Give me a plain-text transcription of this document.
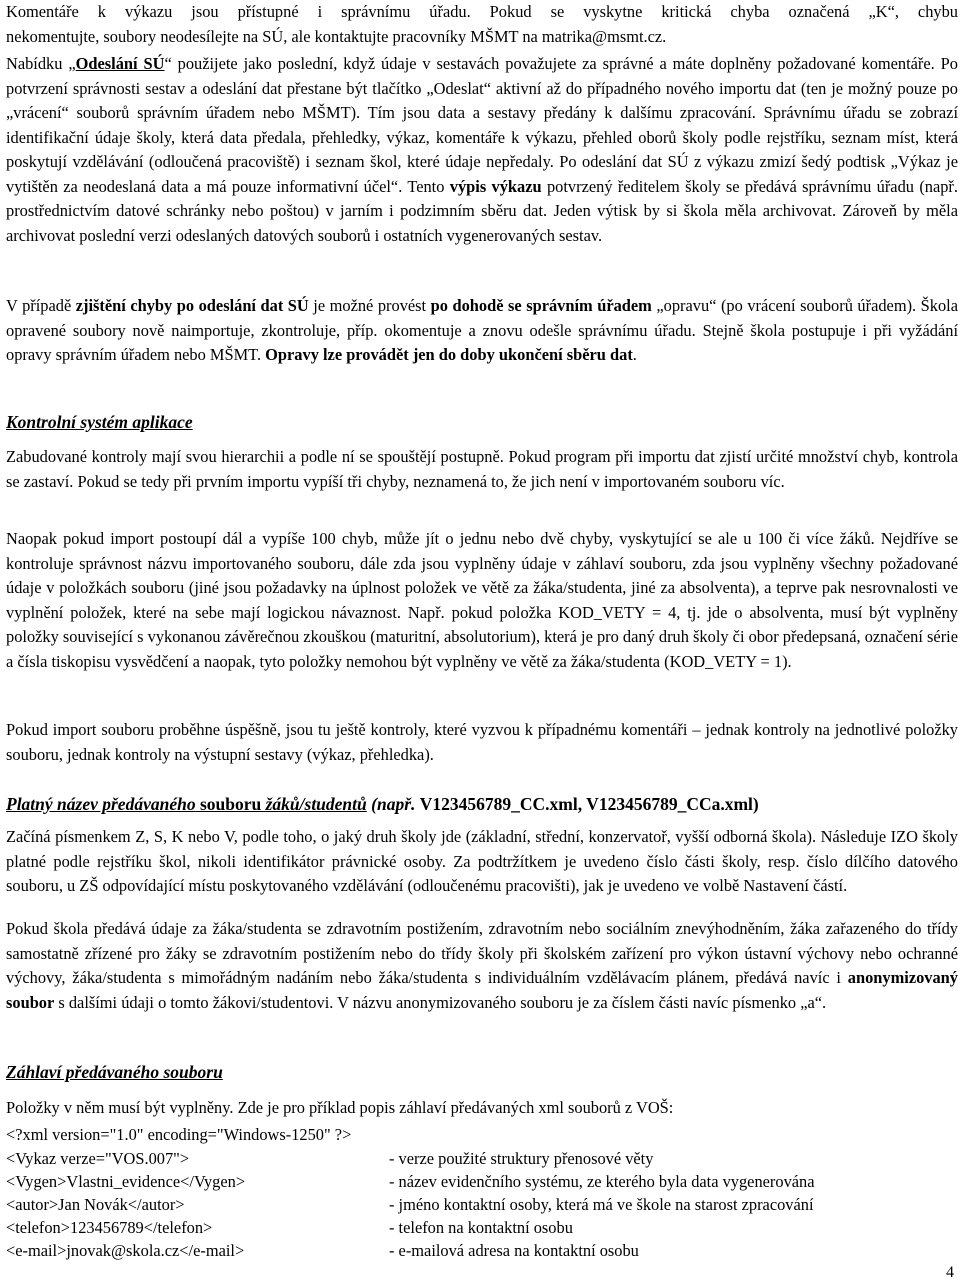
Komentáře k výkazu jsou přístupné i správnímu úřadu. Pokud se vyskytne kritická chyba označená „K“, chybu
nekomentujte, soubory neodesílejte na SÚ, ale kontaktujte pracovníky MŠMT na matrika@msmt.cz.
Nabídku „Odeslání SÚ“ použijete jako poslední, když údaje v sestavách považujete za správné a máte doplněny požadované komentáře. Po potvrzení správnosti sestav a odeslání dat přestane být tlačítko „Odeslat“ aktivní až do případného nového importu dat (ten je možný pouze po „vrácení“ souborů správním úřadem nebo MŠMT). Tím jsou data a sestavy předány k dalšímu zpracování. Správnímu úřadu se zobrazí identifikační údaje školy, která data předala, přehledky, výkaz, komentáře k výkazu, přehled oborů školy podle rejstříku, seznam míst, která poskytují vzdělávání (odloučená pracoviště) i seznam škol, které údaje nepředaly. Po odeslání dat SÚ z výkazu zmizí šedý podtisk „Výkaz je vytištěn za neodeslaná data a má pouze informativní účel“. Tento výpis výkazu potvrzený ředitelem školy se předává správnímu úřadu (např. prostřednictvím datové schránky nebo poštou) v jarním i podzimním sběru dat. Jeden výtisk by si škola měla archivovat. Zároveň by měla archivovat poslední verzi odeslaných datových souborů i ostatních vygenerovaných sestav.
V případě zjištění chyby po odeslání dat SÚ je možné provést po dohodě se správním úřadem „opravu“ (po vrácení souborů úřadem). Škola opravené soubory nově naimportuje, zkontroluje, příp. okomentuje a znovu odešle správnímu úřadu. Stejně škola postupuje i při vyžádání opravy správním úřadem nebo MŠMT. Opravy lze provádět jen do doby ukončení sběru dat.
Kontrolní systém aplikace
Zabudované kontroly mají svou hierarchii a podle ní se spouštějí postupně. Pokud program při importu dat zjistí určité množství chyb, kontrola se zastaví. Pokud se tedy při prvním importu vypíší tři chyby, neznamená to, že jich není v importovaném souboru víc.
Naopak pokud import postoupí dál a vypíše 100 chyb, může jít o jednu nebo dvě chyby, vyskytující se ale u 100 či více žáků. Nejdříve se kontroluje správnost názvu importovaného souboru, dále zda jsou vyplněny údaje v záhlaví souboru, zda jsou vyplněny všechny požadované údaje v položkách souboru (jiné jsou požadavky na úplnost položek ve větě za žáka/studenta, jiné za absolventa), a teprve pak nesrovnalosti ve vyplnění položek, které na sebe mají logickou návaznost. Např. pokud položka KOD_VETY = 4, tj. jde o absolventa, musí být vyplněny položky související s vykonanou závěrečnou zkouškou (maturitní, absolutorium), která je pro daný druh školy či obor předepsaná, označení série a čísla tiskopisu vysvědčení a naopak, tyto položky nemohou být vyplněny ve větě za žáka/studenta (KOD_VETY = 1).
Pokud import souboru proběhne úspěšně, jsou tu ještě kontroly, které vyzvou k případnému komentáři – jednak kontroly na jednotlivé položky souboru, jednak kontroly na výstupní sestavy (výkaz, přehledka).
Platný název předávaného souboru žáků/studentů (např. V123456789_CC.xml, V123456789_CCa.xml)
Začíná písmenkem Z, S, K nebo V, podle toho, o jaký druh školy jde (základní, střední, konzervatoř, vyšší odborná škola). Následuje IZO školy platné podle rejstříku škol, nikoli identifikátor právnické osoby. Za podtržítkem je uvedeno číslo části školy, resp. číslo dílčího datového souboru, u ZŠ odpovídající místu poskytovaného vzdělávání (odloučenému pracovišti), jak je uvedeno ve volbě Nastavení částí.
Pokud škola předává údaje za žáka/studenta se zdravotním postižením, zdravotním nebo sociálním znevýhodněním, žáka zařazeného do třídy samostatně zřízené pro žáky se zdravotním postižením nebo do třídy školy při školském zařízení pro výkon ústavní výchovy nebo ochranné výchovy, žáka/studenta s mimořádným nadáním nebo žáka/studenta s individuálním vzdělávacím plánem, předává navíc i anonymizovaný soubor s dalšími údaji o tomto žákovi/studentovi. V názvu anonymizovaného souboru je za číslem části navíc písmenko „a“.
Záhlaví předávaného souboru
Položky v něm musí být vyplněny. Zde je pro příklad popis záhlaví předávaných xml souborů z VOŠ:
<?xml version="1.0" encoding="Windows-1250" ?>
<Vykaz verze="VOS.007">	- verze použité struktury přenosové věty
<Vygen>Vlastni_evidence</Vygen>	- název evidenčního systému, ze kterého byla data vygenerována
<autor>Jan Novák</autor>	- jméno kontaktní osoby, která má ve škole na starost zpracování
<telefon>123456789</telefon>	- telefon na kontaktní osobu
<e-mail>jnovak@skola.cz</e-mail>	- e-mailová adresa na kontaktní osobu
4
